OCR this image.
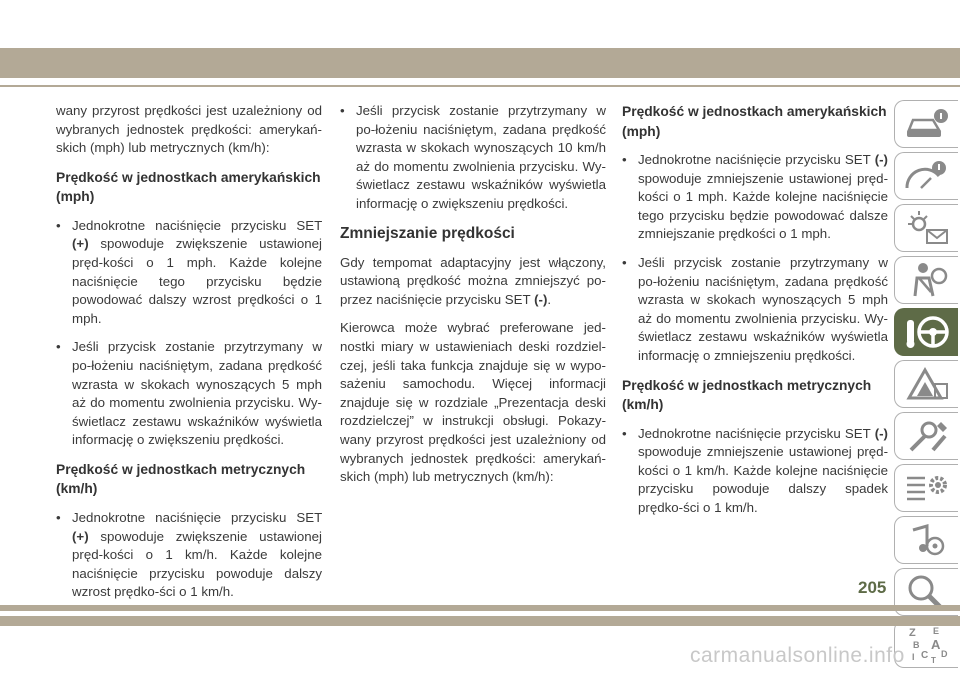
wany przyrost prędkości jest uzależniony od wybranych jednostek prędkości: amerykań-skich (mph) lub metrycznych (km/h):

Prędkość w jednostkach amerykańskich (mph)

• Jednokrotne naciśnięcie przycisku SET (+) spowoduje zwiększenie ustawionej pręd-kości o 1 mph. Każde kolejne naciśnięcie tego przycisku będzie powodować dalszy wzrost prędkości o 1 mph.

• Jeśli przycisk zostanie przytrzymany w po-łożeniu naciśniętym, zadana prędkość wzrasta w skokach wynoszących 5 mph aż do momentu zwolnienia przycisku. Wy-świetlacz zestawu wskaźników wyświetla informację o zwiększeniu prędkości.

Prędkość w jednostkach metrycznych (km/h)

• Jednokrotne naciśnięcie przycisku SET (+) spowoduje zwiększenie ustawionej pręd-kości o 1 km/h. Każde kolejne naciśnięcie przycisku powoduje dalszy wzrost prędko-ści o 1 km/h.

• Jeśli przycisk zostanie przytrzymany w po-łożeniu naciśniętym, zadana prędkość wzrasta w skokach wynoszących 10 km/h aż do momentu zwolnienia przycisku. Wy-świetlacz zestawu wskaźników wyświetla informację o zwiększeniu prędkości.

Zmniejszanie prędkości

Gdy tempomat adaptacyjny jest włączony, ustawioną prędkość można zmniejszyć po-przez naciśnięcie przycisku SET (-).

Kierowca może wybrać preferowane jed-nostki miary w ustawieniach deski rozdziel-czej, jeśli taka funkcja znajduje się w wypo-sażeniu samochodu. Więcej informacji znajduje się w rozdziale „Prezentacja deski rozdzielczej” w instrukcji obsługi. Pokazy-wany przyrost prędkości jest uzależniony od wybranych jednostek prędkości: amerykań-skich (mph) lub metrycznych (km/h):

Prędkość w jednostkach amerykańskich (mph)

• Jednokrotne naciśnięcie przycisku SET (-) spowoduje zmniejszenie ustawionej pręd-kości o 1 mph. Każde kolejne naciśnięcie tego przycisku będzie powodować dalsze zmniejszanie prędkości o 1 mph.

• Jeśli przycisk zostanie przytrzymany w po-łożeniu naciśniętym, zadana prędkość wzrasta w skokach wynoszących 5 mph aż do momentu zwolnienia przycisku. Wy-świetlacz zestawu wskaźników wyświetla informację o zmniejszeniu prędkości.

Prędkość w jednostkach metrycznych (km/h)

• Jednokrotne naciśnięcie przycisku SET (-) spowoduje zmniejszenie ustawionej pręd-kości o 1 km/h. Każde kolejne naciśnięcie przycisku powoduje dalszy spadek prędko-ści o 1 km/h.

Z E
B A
C
I	D
T
205
carmanualsonline.info
